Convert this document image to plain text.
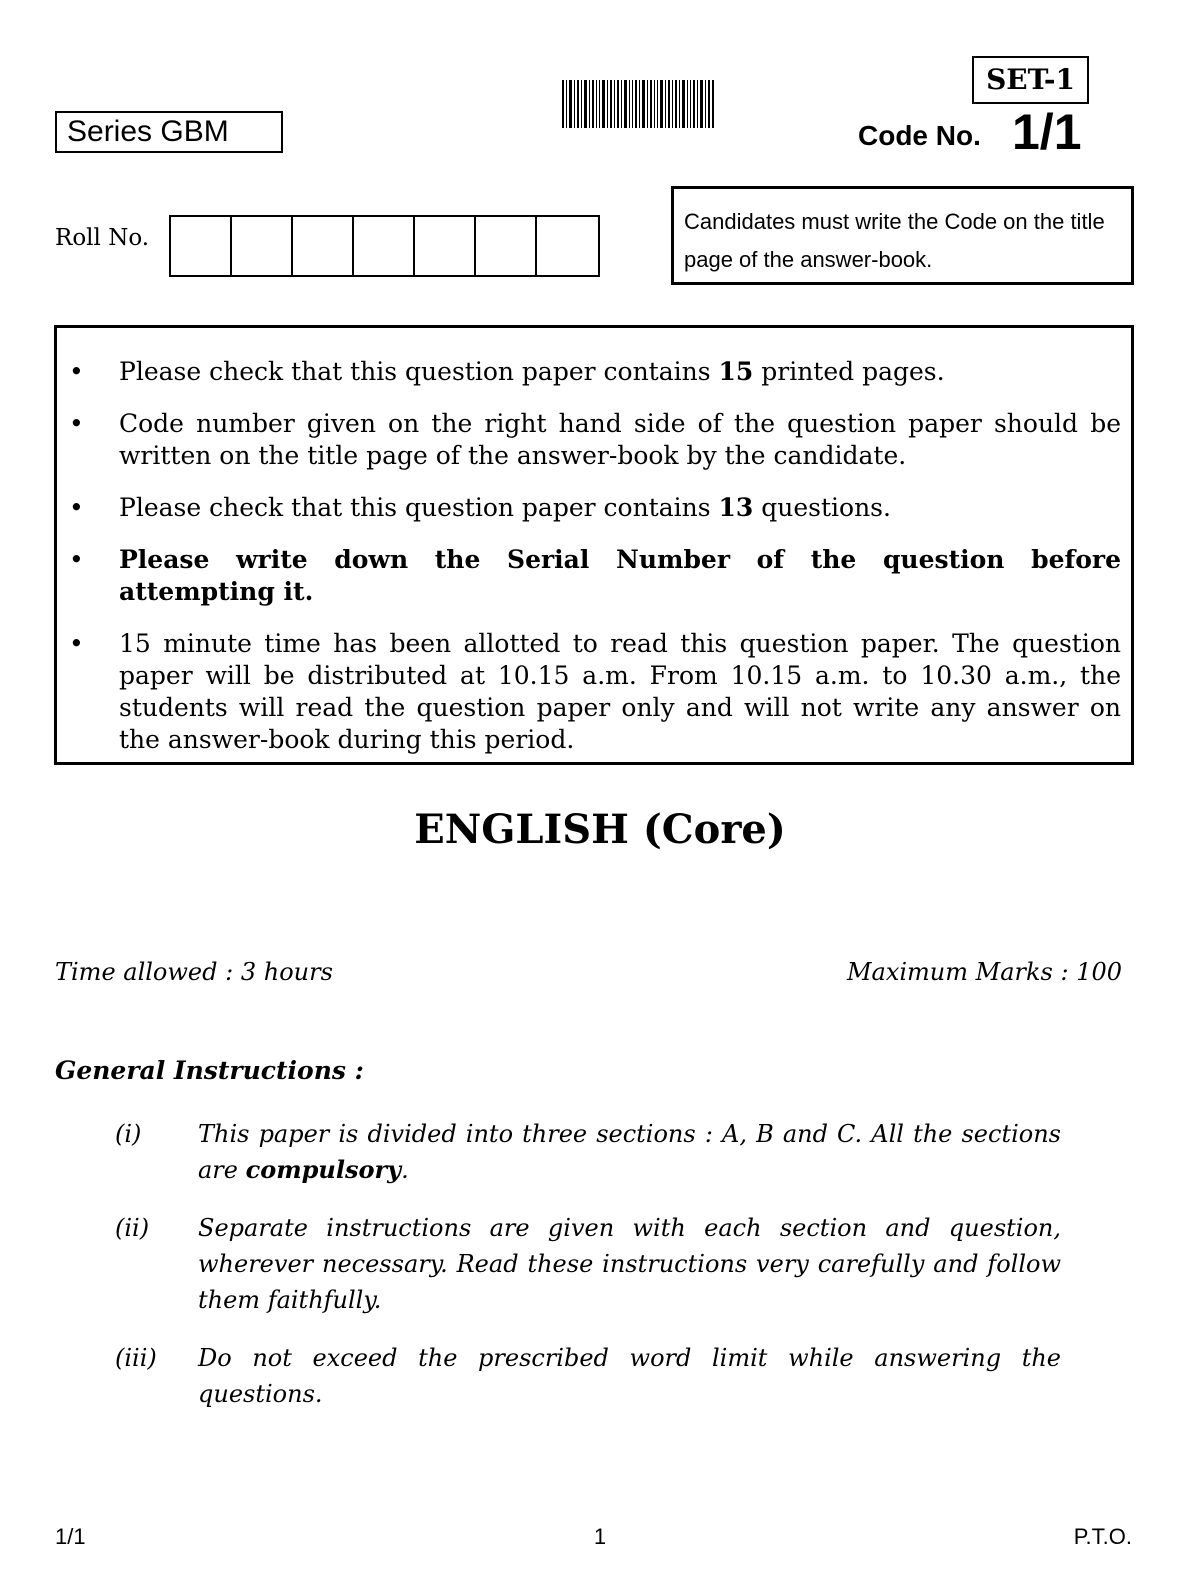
Series GBM
SET-1
Code No. 1/1
Roll No.
Candidates must write the Code on the title page of the answer-book.
•	Please check that this question paper contains 15 printed pages.
•	Code number given on the right hand side of the question paper should be written on the title page of the answer-book by the candidate.
•	Please check that this question paper contains 13 questions.
•	Please write down the Serial Number of the question before attempting it.
•	15 minute time has been allotted to read this question paper. The question paper will be distributed at 10.15 a.m. From 10.15 a.m. to 10.30 a.m., the students will read the question paper only and will not write any answer on the answer-book during this period.
ENGLISH (Core)
Time allowed : 3 hours	Maximum Marks : 100
General Instructions :
(i)	This paper is divided into three sections : A, B and C. All the sections are compulsory.
(ii)	Separate instructions are given with each section and question, wherever necessary. Read these instructions very carefully and follow them faithfully.
(iii)	Do not exceed the prescribed word limit while answering the questions.
1/1	1	P.T.O.
